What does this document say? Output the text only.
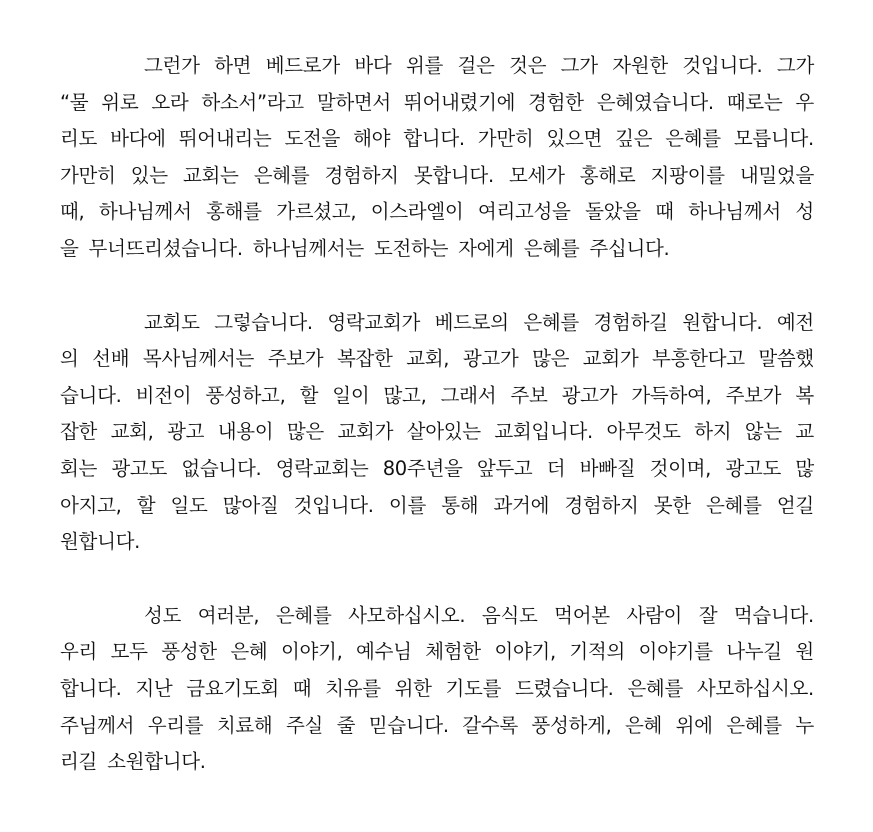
그런가 하면 베드로가 바다 위를 걸은 것은 그가 자원한 것입니다. 그가
“물 위로 오라 하소서”라고 말하면서 뛰어내렸기에 경험한 은혜였습니다. 때로는 우
리도 바다에 뛰어내리는 도전을 해야 합니다. 가만히 있으면 깊은 은혜를 모릅니다.
가만히 있는 교회는 은혜를 경험하지 못합니다. 모세가 홍해로 지팡이를 내밀었을
때, 하나님께서 홍해를 가르셨고, 이스라엘이 여리고성을 돌았을 때 하나님께서 성
을 무너뜨리셨습니다. 하나님께서는 도전하는 자에게 은혜를 주십니다.
교회도 그렇습니다. 영락교회가 베드로의 은혜를 경험하길 원합니다. 예전
의 선배 목사님께서는 주보가 복잡한 교회, 광고가 많은 교회가 부흥한다고 말씀했
습니다. 비전이 풍성하고, 할 일이 많고, 그래서 주보 광고가 가득하여, 주보가 복
잡한 교회, 광고 내용이 많은 교회가 살아있는 교회입니다. 아무것도 하지 않는 교
회는 광고도 없습니다. 영락교회는 80주년을 앞두고 더 바빠질 것이며, 광고도 많
아지고, 할 일도 많아질 것입니다. 이를 통해 과거에 경험하지 못한 은혜를 얻길
원합니다.
성도 여러분, 은혜를 사모하십시오. 음식도 먹어본 사람이 잘 먹습니다.
우리 모두 풍성한 은혜 이야기, 예수님 체험한 이야기, 기적의 이야기를 나누길 원
합니다. 지난 금요기도회 때 치유를 위한 기도를 드렸습니다. 은혜를 사모하십시오.
주님께서 우리를 치료해 주실 줄 믿습니다. 갈수록 풍성하게, 은혜 위에 은혜를 누
리길 소원합니다.
